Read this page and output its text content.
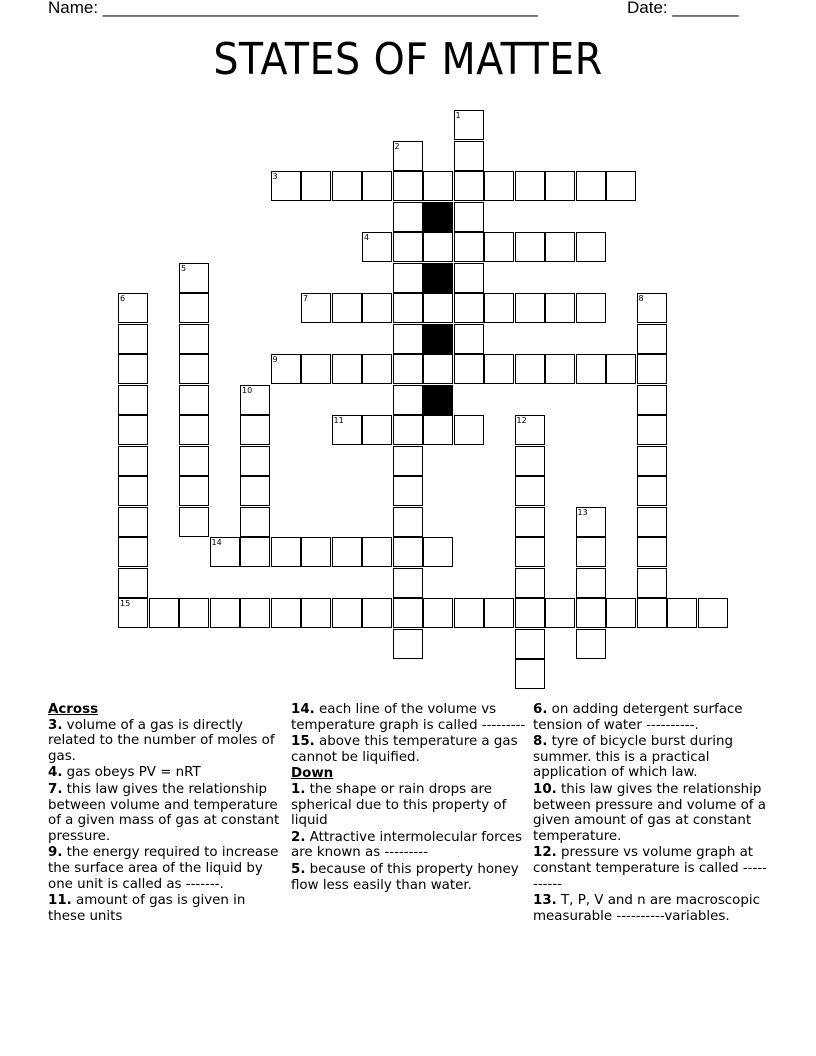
Name: ______________________________________________	Date: _______
STATES OF MATTER
1
2
3
4
5
6	7	8
9
10
11	12
13
14
15
Across
3. volume of a gas is directly related to the number of moles of gas.
4. gas obeys PV = nRT
7. this law gives the relationship between volume and temperature of a given mass of gas at constant pressure.
9. the energy required to increase the surface area of the liquid by one unit is called as -------.
11. amount of gas is given in these units
14. each line of the volume vs temperature graph is called ---------
15. above this temperature a gas cannot be liquified.
Down
1. the shape or rain drops are spherical due to this property of liquid
2. Attractive intermolecular forces are known as ---------
5. because of this property honey flow less easily than water.
6. on adding detergent surface tension of water ----------.
8. tyre of bicycle burst during summer. this is a practical application of which law.
10. this law gives the relationship between pressure and volume of a given amount of gas at constant temperature.
12. pressure vs volume graph at constant temperature is called -----------
13. T, P, V and n are macroscopic measurable ----------variables.
